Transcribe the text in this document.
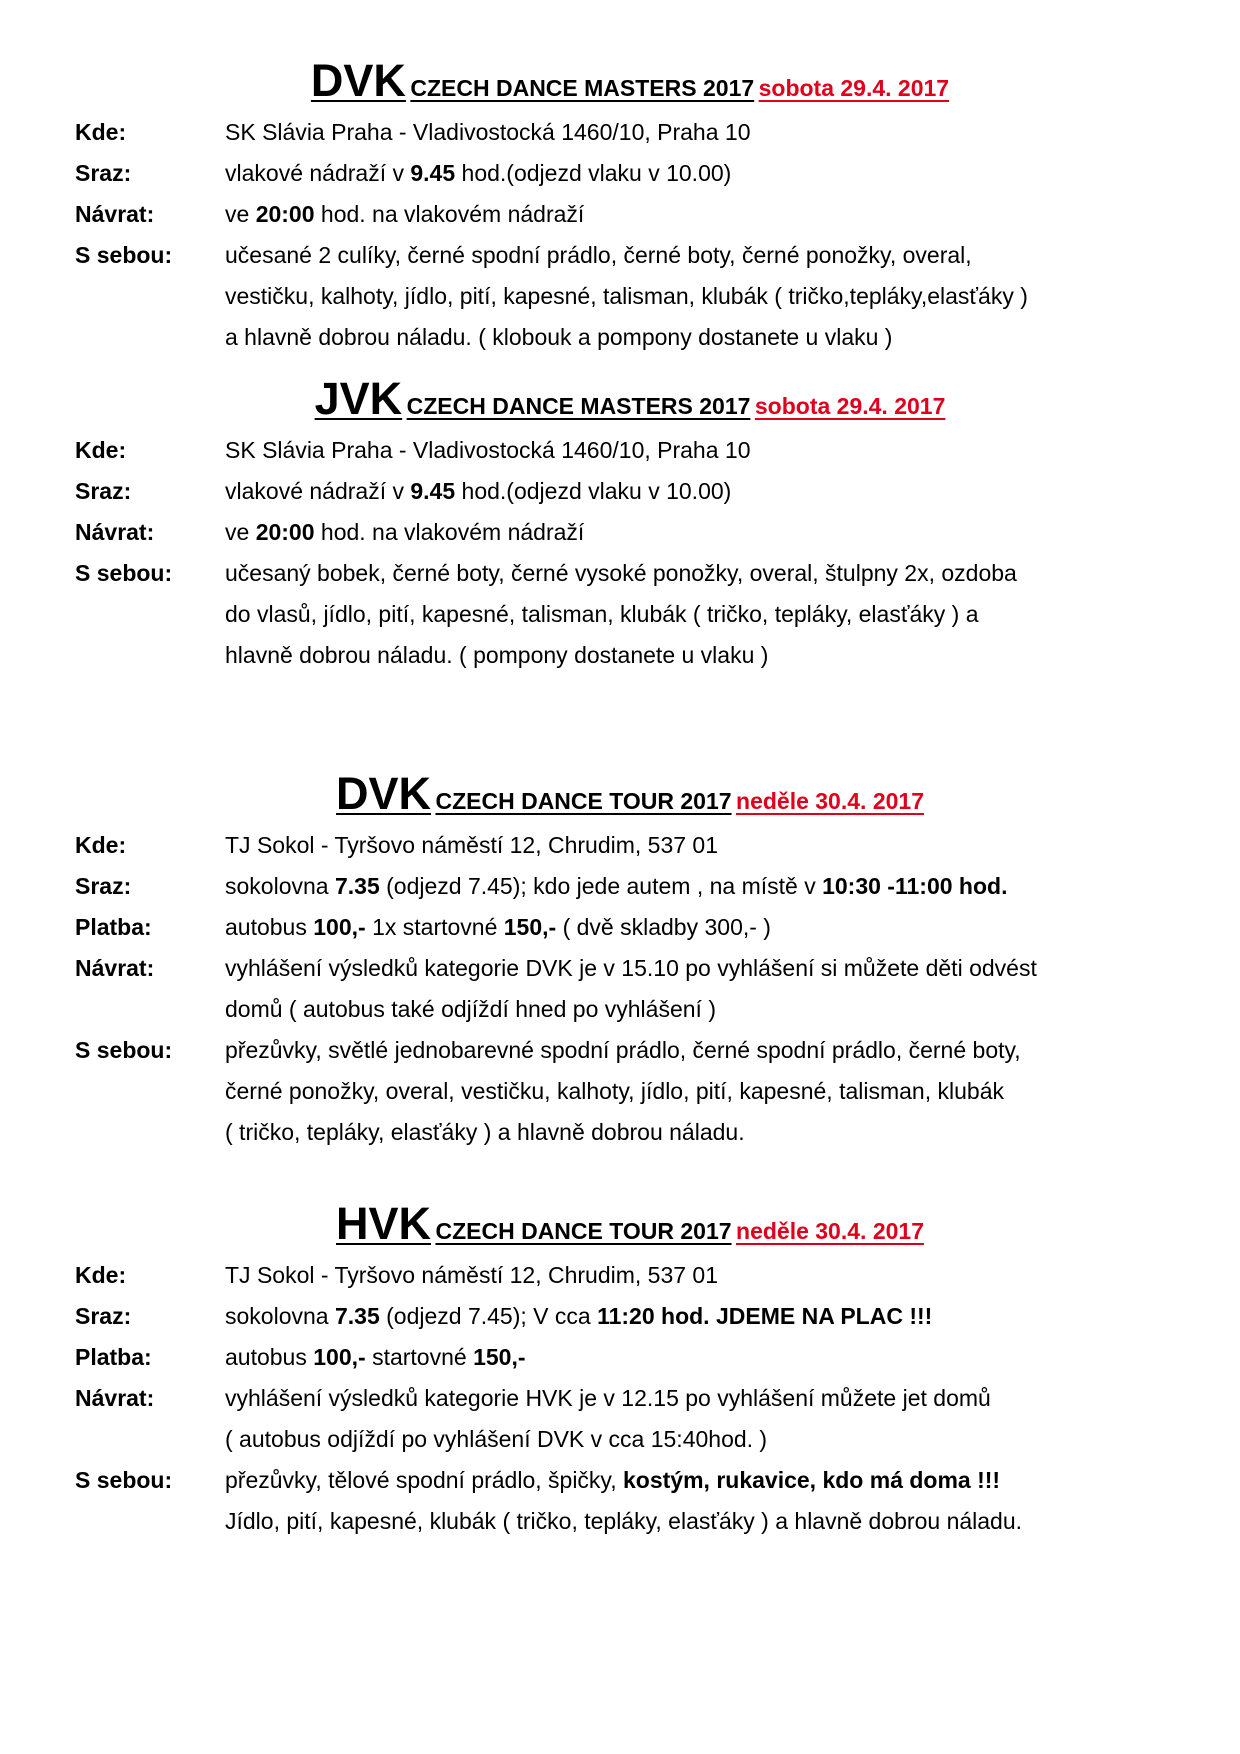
DVK CZECH DANCE MASTERS 2017 sobota 29.4. 2017
Kde:	SK Slávia Praha - Vladivostocká 1460/10, Praha 10
Sraz:	vlakové nádraží v 9.45 hod.(odjezd vlaku v 10.00)
Návrat:	ve 20:00 hod. na vlakovém nádraží
S sebou:	učesané 2 culíky, černé spodní prádlo, černé boty, černé ponožky, overal,
vestičku, kalhoty, jídlo, pití, kapesné, talisman, klubák ( tričko,tepláky,elasťáky )
a hlavně dobrou náladu. ( klobouk a pompony dostanete u vlaku )
JVK CZECH DANCE MASTERS 2017 sobota 29.4. 2017
Kde:	SK Slávia Praha - Vladivostocká 1460/10, Praha 10
Sraz:	vlakové nádraží v 9.45 hod.(odjezd vlaku v 10.00)
Návrat:	ve 20:00 hod. na vlakovém nádraží
S sebou:	učesaný bobek, černé boty, černé vysoké ponožky, overal, štulpny 2x, ozdoba
do vlasů, jídlo, pití, kapesné, talisman, klubák ( tričko, tepláky, elasťáky ) a
hlavně dobrou náladu. ( pompony dostanete u vlaku )
DVK CZECH DANCE TOUR 2017 neděle 30.4. 2017
Kde:	TJ Sokol - Tyršovo náměstí 12, Chrudim, 537 01
Sraz:	sokolovna 7.35 (odjezd 7.45); kdo jede autem , na místě v 10:30 -11:00 hod.
Platba:	autobus 100,- 1x startovné 150,- ( dvě skladby 300,- )
Návrat:	vyhlášení výsledků kategorie DVK je v 15.10 po vyhlášení si můžete děti odvést
domů ( autobus také odjíždí hned po vyhlášení )
S sebou:	přezůvky, světlé jednobarevné spodní prádlo, černé spodní prádlo, černé boty,
černé ponožky, overal, vestičku, kalhoty, jídlo, pití, kapesné, talisman, klubák
( tričko, tepláky, elasťáky ) a hlavně dobrou náladu.
HVK CZECH DANCE TOUR 2017 neděle 30.4. 2017
Kde:	TJ Sokol - Tyršovo náměstí 12, Chrudim, 537 01
Sraz:	sokolovna 7.35 (odjezd 7.45); V cca 11:20 hod. JDEME NA PLAC !!!
Platba:	autobus 100,- startovné 150,-
Návrat:	vyhlášení výsledků kategorie HVK je v 12.15 po vyhlášení můžete jet domů
( autobus odjíždí po vyhlášení DVK v cca 15:40hod. )
S sebou:	přezůvky, tělové spodní prádlo, špičky, kostým, rukavice, kdo má doma !!!
Jídlo, pití, kapesné, klubák ( tričko, tepláky, elasťáky ) a hlavně dobrou náladu.
